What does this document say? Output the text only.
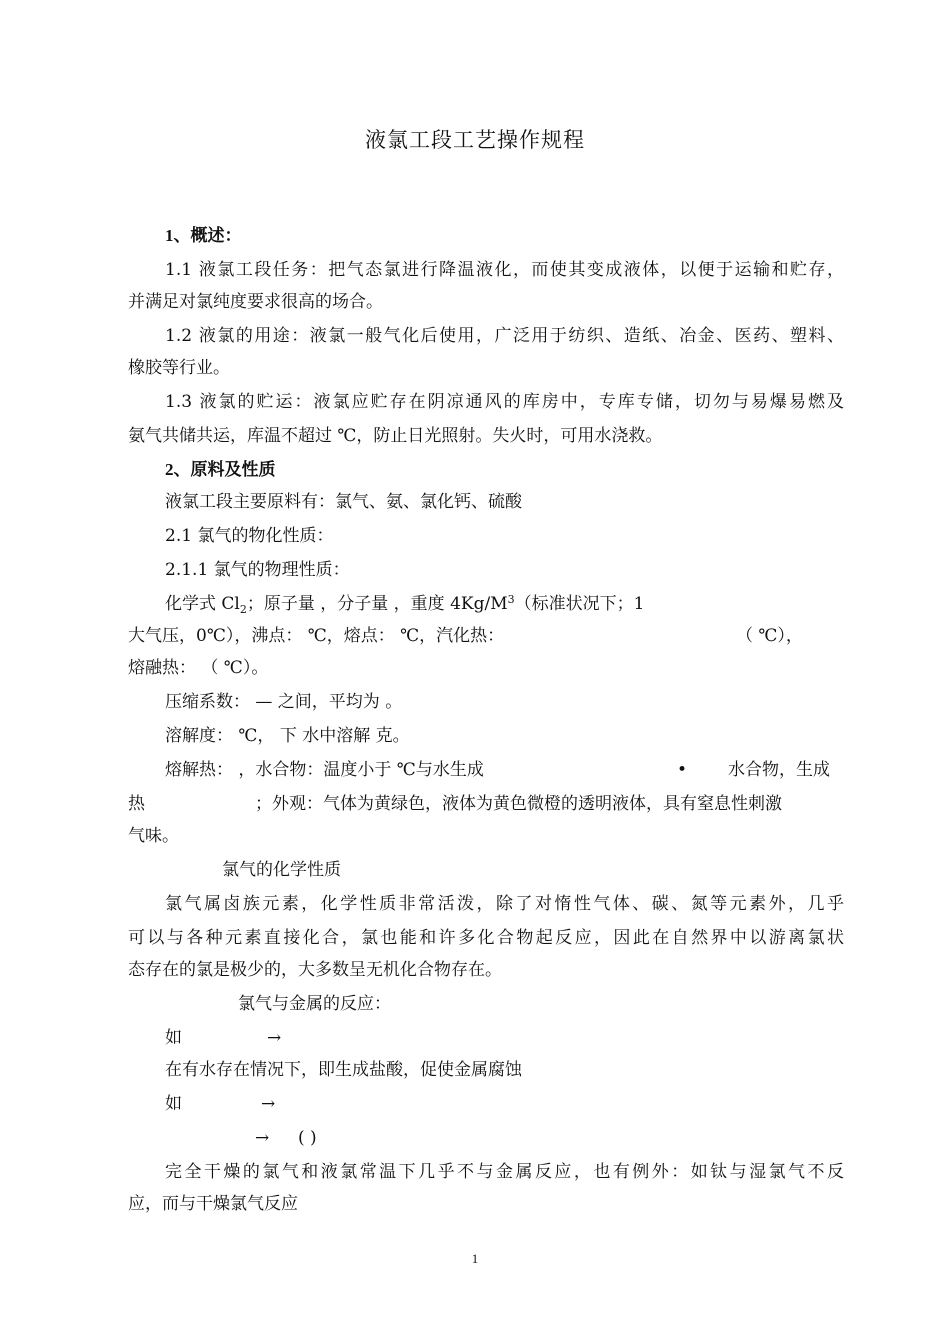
液氯工段工艺操作规程
1、概述：
1.1 液氯工段任务：把气态氯进行降温液化，而使其变成液体，以便于运输和贮存，
并满足对氯纯度要求很高的场合。
1.2 液氯的用途：液氯一般气化后使用，广泛用于纺织、造纸、冶金、医药、塑料、
橡胶等行业。
1.3 液氯的贮运：液氯应贮存在阴凉通风的库房中，专库专储，切勿与易爆易燃及
氨气共储共运，库温不超过 ℃，防止日光照射。失火时，可用水浇救。
2、原料及性质
液氯工段主要原料有：氯气、氨、氯化钙、硫酸
2.1 氯气的物化性质：
2.1.1 氯气的物理性质：
化学式 $Cl_2$；原子量 ，分子量 ，重度 $4Kg/M^3$（标准状况下；1
大气压，0℃），沸点： ℃，熔点： ℃，汽化热：	（ ℃），
熔融热： （ ℃）。
压缩系数： — 之间，平均为 。
溶解度： ℃， 下 水中溶解 克。
熔解热： ，水合物：温度小于 ℃与水生成	• 水合物，生成
热	；外观：气体为黄绿色，液体为黄色微橙的透明液体，具有窒息性刺激
气味。
氯气的化学性质
氯气属卤族元素，化学性质非常活泼，除了对惰性气体、碳、氮等元素外，几乎
可以与各种元素直接化合，氯也能和许多化合物起反应，因此在自然界中以游离氯状
态存在的氯是极少的，大多数呈无机化合物存在。
氯气与金属的反应：
如	→
在有水存在情况下，即生成盐酸，促使金属腐蚀
如	→
→ ( )
完全干燥的氯气和液氯常温下几乎不与金属反应，也有例外：如钛与湿氯气不反
应，而与干燥氯气反应
1
